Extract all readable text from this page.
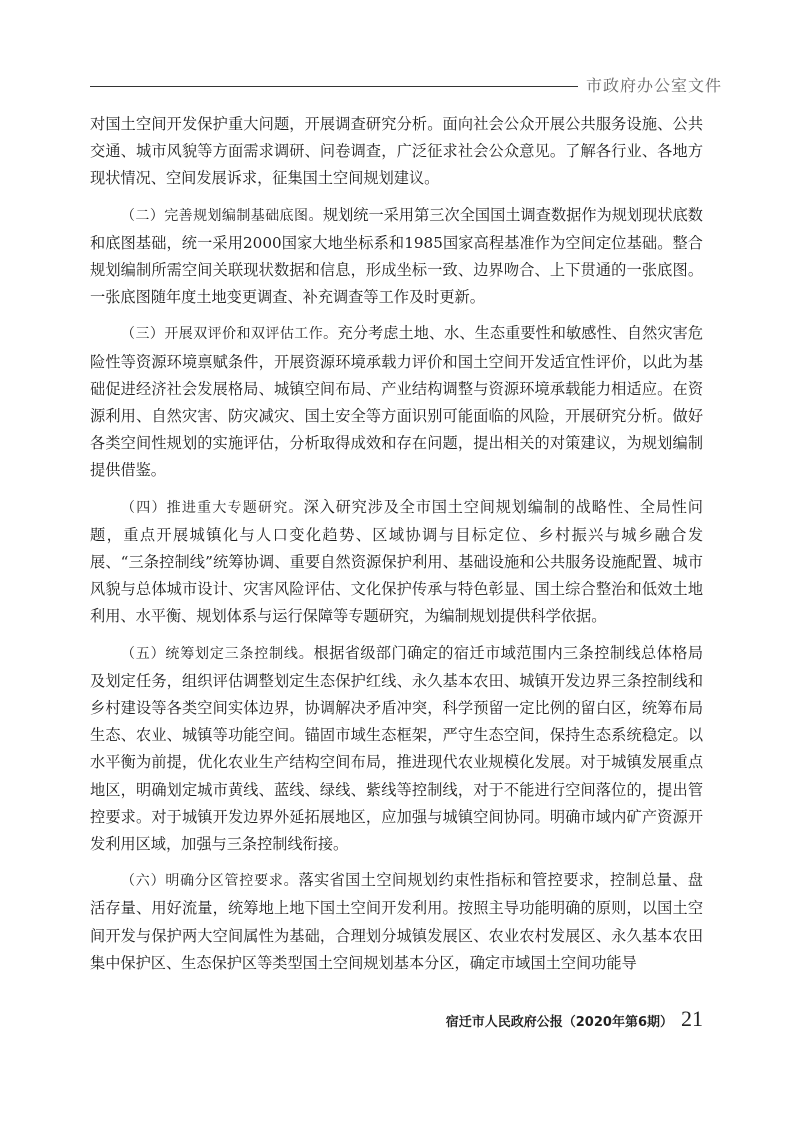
市政府办公室文件

对国土空间开发保护重大问题，开展调查研究分析。面向社会公众开展公共服务设施、公共交通、城市风貌等方面需求调研、问卷调查，广泛征求社会公众意见。了解各行业、各地方现状情况、空间发展诉求，征集国土空间规划建议。

（二）完善规划编制基础底图。规划统一采用第三次全国国土调查数据作为规划现状底数和底图基础，统一采用2000国家大地坐标系和1985国家高程基准作为空间定位基础。整合规划编制所需空间关联现状数据和信息，形成坐标一致、边界吻合、上下贯通的一张底图。一张底图随年度土地变更调查、补充调查等工作及时更新。

（三）开展双评价和双评估工作。充分考虑土地、水、生态重要性和敏感性、自然灾害危险性等资源环境禀赋条件，开展资源环境承载力评价和国土空间开发适宜性评价，以此为基础促进经济社会发展格局、城镇空间布局、产业结构调整与资源环境承载能力相适应。在资源利用、自然灾害、防灾减灾、国土安全等方面识别可能面临的风险，开展研究分析。做好各类空间性规划的实施评估，分析取得成效和存在问题，提出相关的对策建议，为规划编制提供借鉴。

（四）推进重大专题研究。深入研究涉及全市国土空间规划编制的战略性、全局性问题，重点开展城镇化与人口变化趋势、区域协调与目标定位、乡村振兴与城乡融合发展、“三条控制线”统筹协调、重要自然资源保护利用、基础设施和公共服务设施配置、城市风貌与总体城市设计、灾害风险评估、文化保护传承与特色彰显、国土综合整治和低效土地利用、水平衡、规划体系与运行保障等专题研究，为编制规划提供科学依据。

（五）统筹划定三条控制线。根据省级部门确定的宿迁市域范围内三条控制线总体格局及划定任务，组织评估调整划定生态保护红线、永久基本农田、城镇开发边界三条控制线和乡村建设等各类空间实体边界，协调解决矛盾冲突，科学预留一定比例的留白区，统筹布局生态、农业、城镇等功能空间。锚固市域生态框架，严守生态空间，保持生态系统稳定。以水平衡为前提，优化农业生产结构空间布局，推进现代农业规模化发展。对于城镇发展重点地区，明确划定城市黄线、蓝线、绿线、紫线等控制线，对于不能进行空间落位的，提出管控要求。对于城镇开发边界外延拓展地区，应加强与城镇空间协同。明确市域内矿产资源开发利用区域，加强与三条控制线衔接。

（六）明确分区管控要求。落实省国土空间规划约束性指标和管控要求，控制总量、盘活存量、用好流量，统筹地上地下国土空间开发利用。按照主导功能明确的原则，以国土空间开发与保护两大空间属性为基础，合理划分城镇发展区、农业农村发展区、永久基本农田集中保护区、生态保护区等类型国土空间规划基本分区，确定市域国土空间功能导

宿迁市人民政府公报（2020年第6期） 21
